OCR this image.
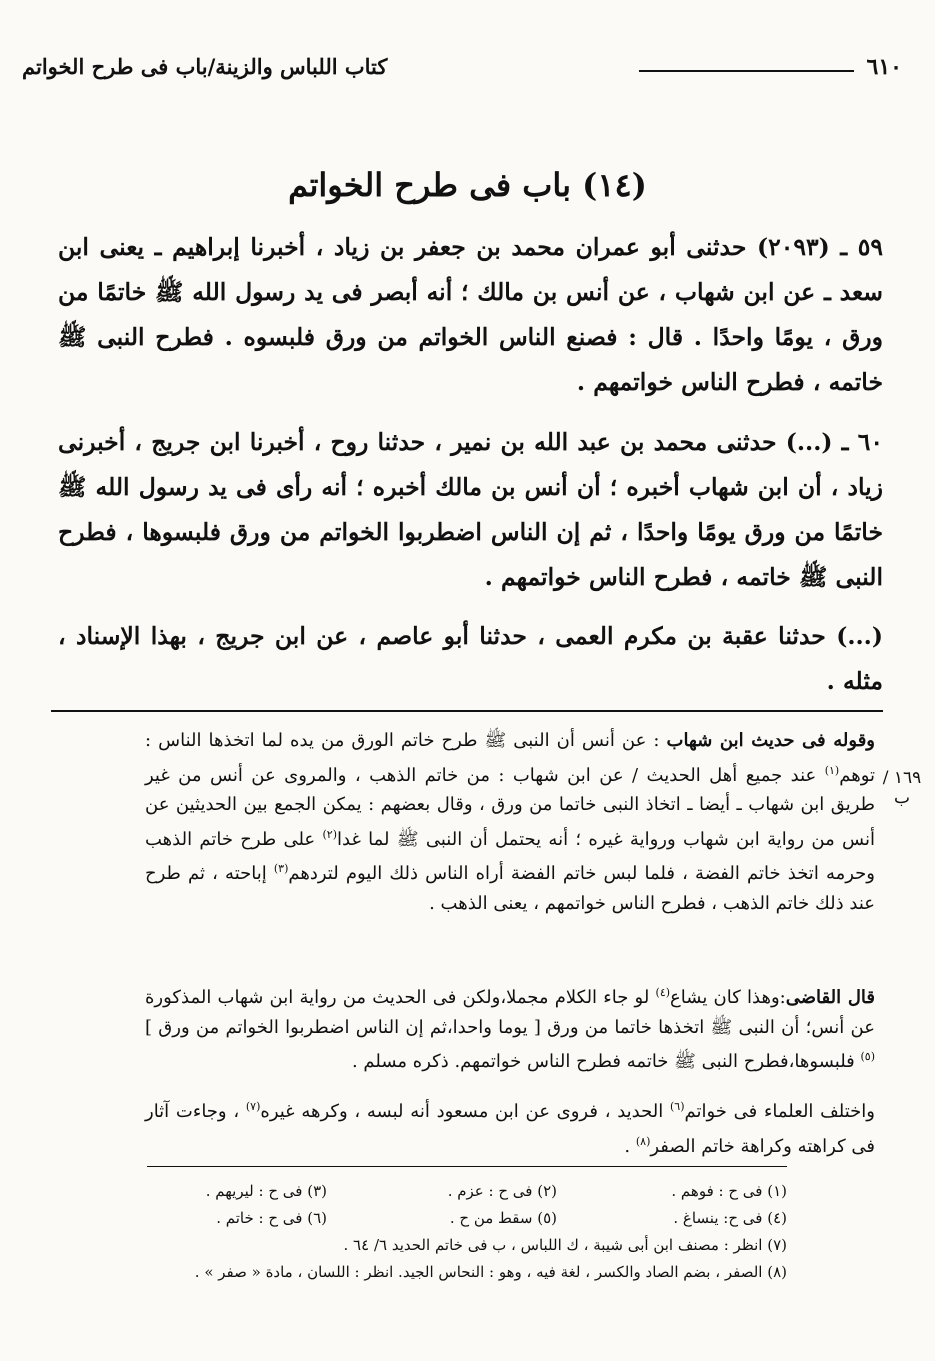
٦١٠
كتاب اللباس والزينة/باب فى طرح الخواتم
(١٤) باب فى طرح الخواتم

٥٩ ـ (٢٠٩٣) حدثنى أبو عمران محمد بن جعفر بن زياد ، أخبرنا إبراهيم ـ يعنى ابن سعد ـ عن ابن شهاب ، عن أنس بن مالك ؛ أنه أبصر فى يد رسول الله ﷺ خاتمًا من ورق ، يومًا واحدًا . قال : فصنع الناس الخواتم من ورق فلبسوه . فطرح النبى ﷺ خاتمه ، فطرح الناس خواتمهم .

٦٠ ـ (...) حدثنى محمد بن عبد الله بن نمير ، حدثنا روح ، أخبرنا ابن جريج ، أخبرنى زياد ، أن ابن شهاب أخبره ؛ أن أنس بن مالك أخبره ؛ أنه رأى فى يد رسول الله ﷺ خاتمًا من ورق يومًا واحدًا ، ثم إن الناس اضطربوا الخواتم من ورق فلبسوها ، فطرح النبى ﷺ خاتمه ، فطرح الناس خواتمهم .

(...) حدثنا عقبة بن مكرم العمى ، حدثنا أبو عاصم ، عن ابن جريج ، بهذا الإسناد ، مثله .

١٦٩ / ب

وقوله فى حديث ابن شهاب : عن أنس أن النبى ﷺ طرح خاتم الورق من يده لما اتخذها الناس : توهم$^{(١)}$ عند جميع أهل الحديث / عن ابن شهاب : من خاتم الذهب ، والمروى عن أنس من غير طريق ابن شهاب ـ أيضا ـ اتخاذ النبى خاتما من ورق ، وقال بعضهم : يمكن الجمع بين الحديثين عن أنس من رواية ابن شهاب ورواية غيره ؛ أنه يحتمل أن النبى ﷺ لما غدا$^{(٢)}$ على طرح خاتم الذهب وحرمه اتخذ خاتم الفضة ، فلما لبس خاتم الفضة أراه الناس ذلك اليوم لتردهم$^{(٣)}$ إباحته ، ثم طرح عند ذلك خاتم الذهب ، فطرح الناس خواتمهم ، يعنى الذهب .

قال القاضى:وهذا كان يشاع$^{(٤)}$ لو جاء الكلام مجملا،ولكن فى الحديث من رواية ابن شهاب المذكورة عن أنس؛ أن النبى ﷺ اتخذها خاتما من ورق [ يوما واحدا،ثم إن الناس اضطربوا الخواتم من ورق ]$^{(٥)}$ فلبسوها،فطرح النبى ﷺ خاتمه فطرح الناس خواتمهم. ذكره مسلم .

واختلف العلماء فى خواتم$^{(٦)}$ الحديد ، فروى عن ابن مسعود أنه لبسه ، وكرهه غيره$^{(٧)}$ ، وجاءت آثار فى كراهته وكراهة خاتم الصفر$^{(٨)}$ .

(١) فى ح : فوهم .
(٢) فى ح : عزم .
(٣) فى ح : ليريهم .
(٤) فى ح: ينساغ .
(٥) سقط من ح .
(٦) فى ح : خاتم .
(٧) انظر : مصنف ابن أبى شيبة ، ك اللباس ، ب فى خاتم الحديد ٦/ ٦٤ .
(٨) الصفر ، بضم الصاد والكسر ، لغة فيه ، وهو : النحاس الجيد. انظر : اللسان ، مادة « صفر » .
